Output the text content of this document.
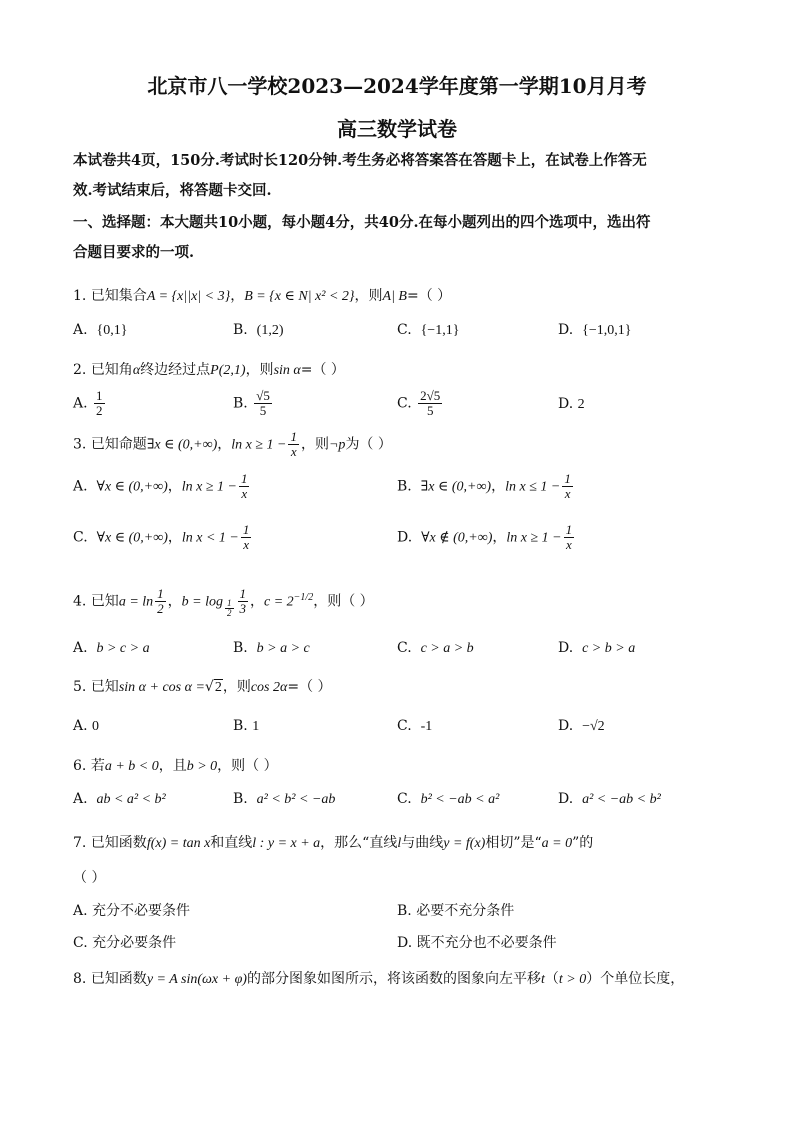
北京市八一学校2023—2024学年度第一学期10月月考
高三数学试卷
本试卷共4页，150分.考试时长120分钟.考生务必将答案答在答题卡上，在试卷上作答无
效.考试结束后，将答题卡交回.
一、选择题：本大题共10小题，每小题4分，共40分.在每小题列出的四个选项中，选出符
合题目要求的一项.
1. 已知集合A = {x||x| < 3}，B = {x ∈ N| x² < 2}，则A| B=（ ）
A. {0,1}	B. (1,2)	C. {−1,1}	D. {−1,0,1}
2. 已知角α终边经过点P(2,1)，则sin α=（ ）
A. $\frac{1}{2}$	B. $\frac{√5}{5}$	C. $\frac{2√5}{5}$	D. 2
3. 已知命题∃x ∈ (0,+∞)，$\ln x \ge 1 - \frac{1}{x}$ ，则¬p为（ ）
A. ∀x ∈ (0,+∞)，$\ln x \ge 1 - \frac{1}{x}$	B. ∃x ∈ (0,+∞)，$\ln x \le 1 - \frac{1}{x}$
C. ∀x ∈ (0,+∞)，$\ln x < 1 - \frac{1}{x}$	D. ∀x ∉ (0,+∞)，$\ln x \ge 1 - \frac{1}{x}$
4. 已知$a = \ln \frac{1}{2}$ ，$b = \log \frac{1}{2} \frac{1}{3}$ ，$c = 2^{-1/2}$，则（ ）
A. b > c > a	B. b > a > c	C. c > a > b	D. c > b > a
5. 已知sin α + cos α =√2，则cos 2α=（ ）
A. 0	B. 1	C. -1	D. −√2
6. 若a + b < 0，且b > 0，则（ ）
A. ab < a² < b²	B. a² < b² < −ab	C. b² < −ab < a²	D. a² < −ab < b²
7. 已知函数f(x) = tan x和直线l : y = x + a，那么“直线l与曲线y = f(x)相切”是“a = 0”的
（ ）
A. 充分不必要条件	B. 必要不充分条件
C. 充分必要条件	D. 既不充分也不必要条件
8. 已知函数y = A sin(ωx + φ)的部分图象如图所示，将该函数的图象向左平移t（t > 0）个单位长度，
